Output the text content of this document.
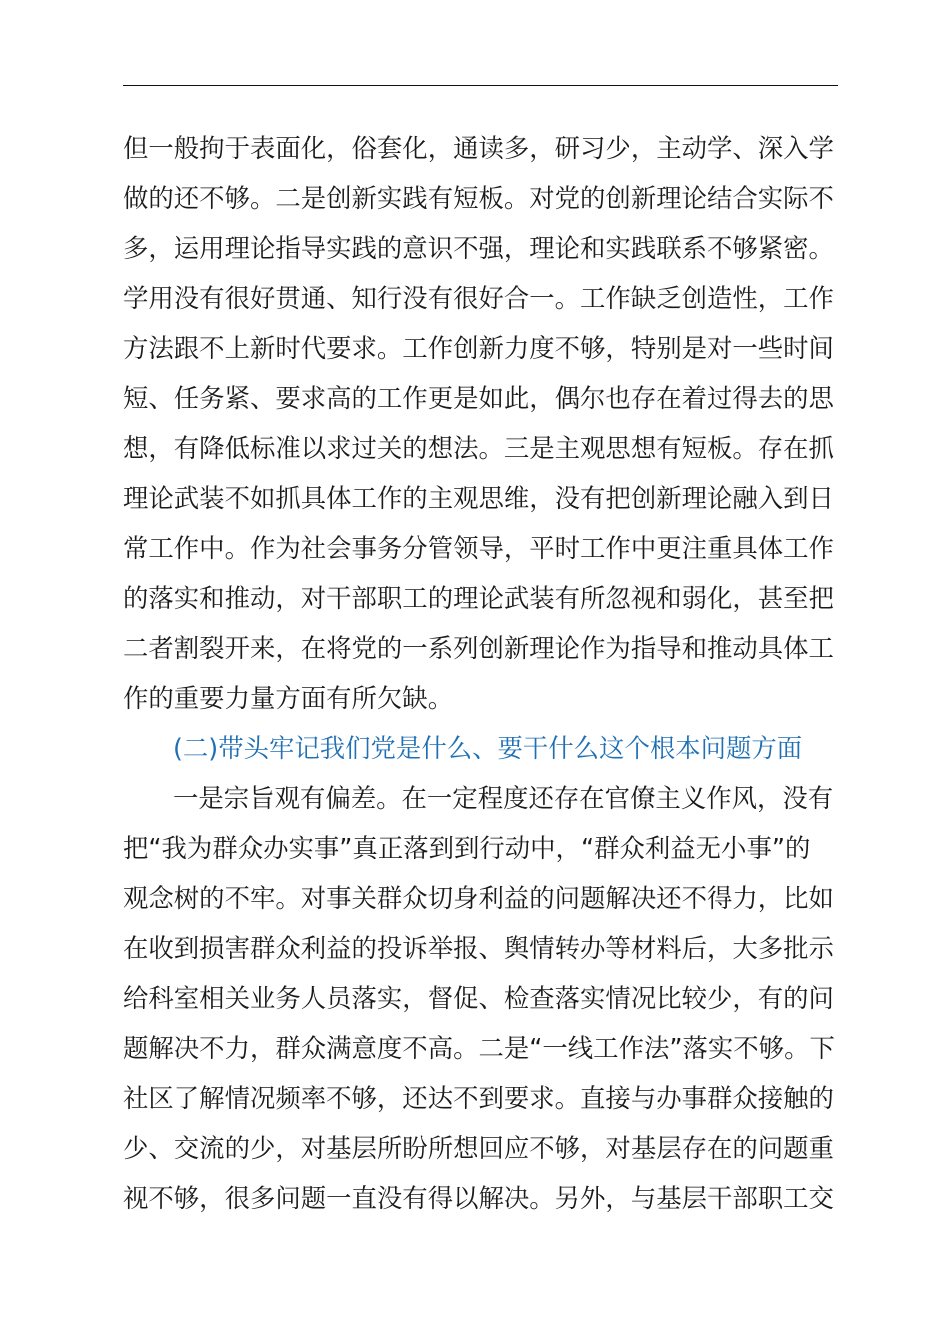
但一般拘于表面化，俗套化，通读多，研习少，主动学、深入学
做的还不够。二是创新实践有短板。对党的创新理论结合实际不
多，运用理论指导实践的意识不强，理论和实践联系不够紧密。
学用没有很好贯通、知行没有很好合一。工作缺乏创造性，工作
方法跟不上新时代要求。工作创新力度不够，特别是对一些时间
短、任务紧、要求高的工作更是如此，偶尔也存在着过得去的思
想，有降低标准以求过关的想法。三是主观思想有短板。存在抓
理论武装不如抓具体工作的主观思维，没有把创新理论融入到日
常工作中。作为社会事务分管领导，平时工作中更注重具体工作
的落实和推动，对干部职工的理论武装有所忽视和弱化，甚至把
二者割裂开来，在将党的一系列创新理论作为指导和推动具体工
作的重要力量方面有所欠缺。
(二)带头牢记我们党是什么、要干什么这个根本问题方面
一是宗旨观有偏差。在一定程度还存在官僚主义作风，没有
把“我为群众办实事”真正落到到行动中，“群众利益无小事”的
观念树的不牢。对事关群众切身利益的问题解决还不得力，比如
在收到损害群众利益的投诉举报、舆情转办等材料后，大多批示
给科室相关业务人员落实，督促、检查落实情况比较少，有的问
题解决不力，群众满意度不高。二是“一线工作法”落实不够。下
社区了解情况频率不够，还达不到要求。直接与办事群众接触的
少、交流的少，对基层所盼所想回应不够，对基层存在的问题重
视不够，很多问题一直没有得以解决。另外，与基层干部职工交
